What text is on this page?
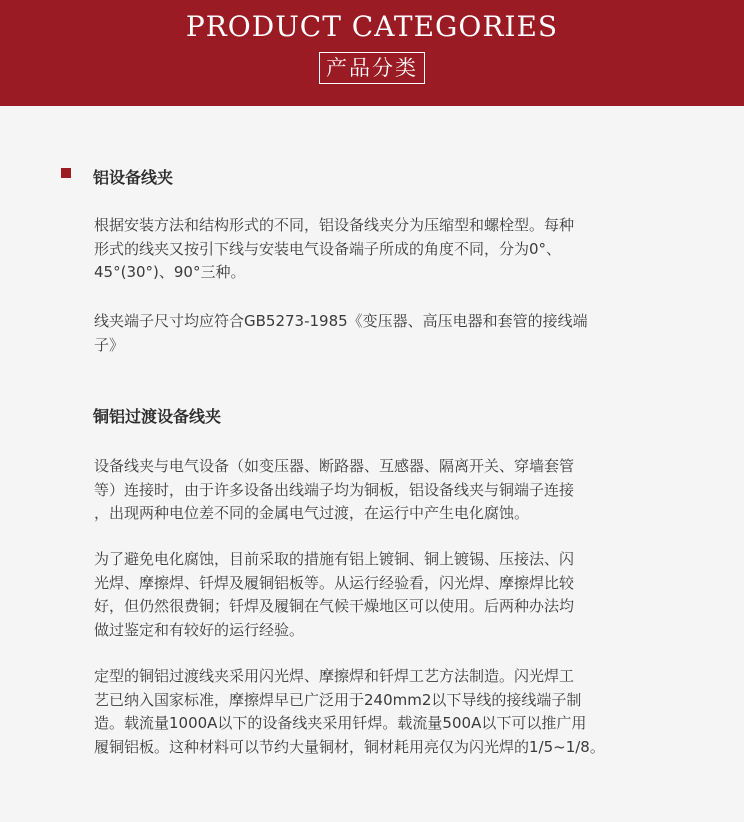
PRODUCT CATEGORIES
产品分类
铝设备线夹

根据安装方法和结构形式的不同，铝设备线夹分为压缩型和螺栓型。每种
形式的线夹又按引下线与安装电气设备端子所成的角度不同，分为0°、
45°(30°)、90°三种。

线夹端子尺寸均应符合GB5273-1985《变压器、高压电器和套管的接线端
子》

铜铝过渡设备线夹

设备线夹与电气设备（如变压器、断路器、互感器、隔离开关、穿墙套管
等）连接时，由于许多设备出线端子均为铜板，铝设备线夹与铜端子连接
，出现两种电位差不同的金属电气过渡，在运行中产生电化腐蚀。

为了避免电化腐蚀，目前采取的措施有铝上镀铜、铜上镀锡、压接法、闪
光焊、摩擦焊、钎焊及履铜铝板等。从运行经验看，闪光焊、摩擦焊比较
好，但仍然很费铜；钎焊及履铜在气候干燥地区可以使用。后两种办法均
做过鉴定和有较好的运行经验。

定型的铜铝过渡线夹采用闪光焊、摩擦焊和钎焊工艺方法制造。闪光焊工
艺已纳入国家标准，摩擦焊早已广泛用于240mm2以下导线的接线端子制
造。载流量1000A以下的设备线夹采用钎焊。载流量500A以下可以推广用
履铜铝板。这种材料可以节约大量铜材，铜材耗用亮仅为闪光焊的1/5~1/8。
